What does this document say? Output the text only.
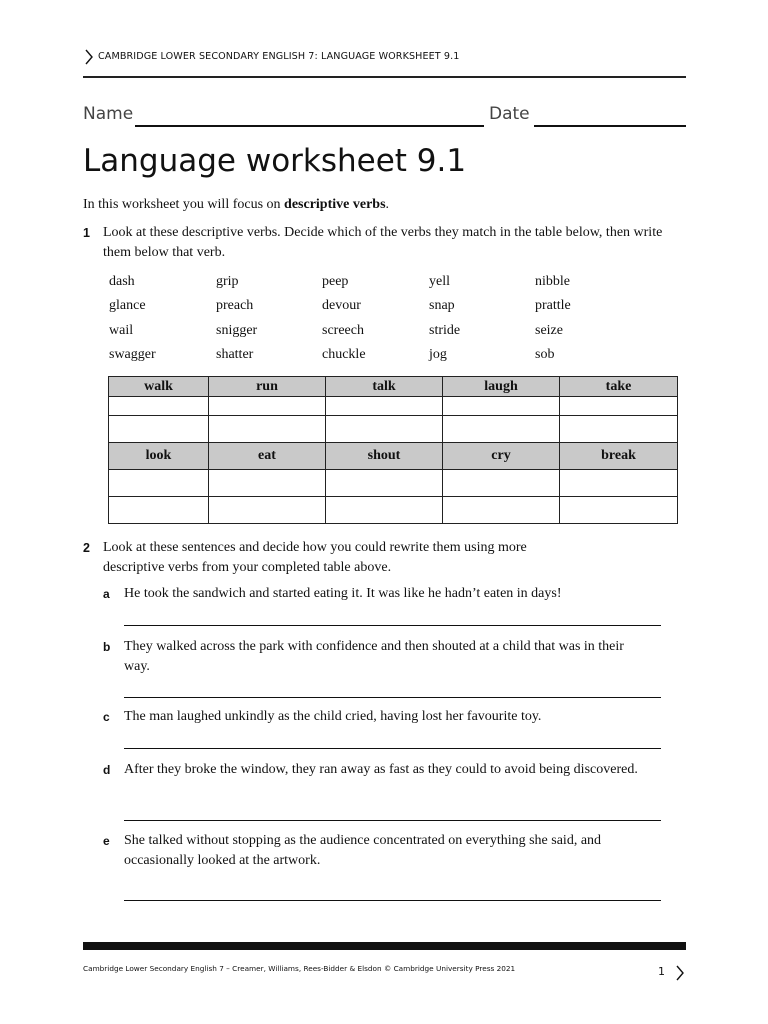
CAMBRIDGE LOWER SECONDARY ENGLISH 7: LANGUAGE WORKSHEET 9.1
Name	Date
Language worksheet 9.1
In this worksheet you will focus on descriptive verbs.
1 Look at these descriptive verbs. Decide which of the verbs they match in the table below, then write them below that verb.
dash	grip	peep	yell	nibble
glance	preach	devour	snap	prattle
wail	snigger	screech	stride	seize
swagger	shatter	chuckle	jog	sob
walk	run	talk	laugh	take

look	eat	shout	cry	break

2 Look at these sentences and decide how you could rewrite them using more descriptive verbs from your completed table above.
a He took the sandwich and started eating it. It was like he hadn’t eaten in days!
b They walked across the park with confidence and then shouted at a child that was in their way.
c The man laughed unkindly as the child cried, having lost her favourite toy.
d After they broke the window, they ran away as fast as they could to avoid being discovered.
e She talked without stopping as the audience concentrated on everything she said, and occasionally looked at the artwork.
Cambridge Lower Secondary English 7 – Creamer, Williams, Rees-Bidder & Elsdon © Cambridge University Press 2021	1
